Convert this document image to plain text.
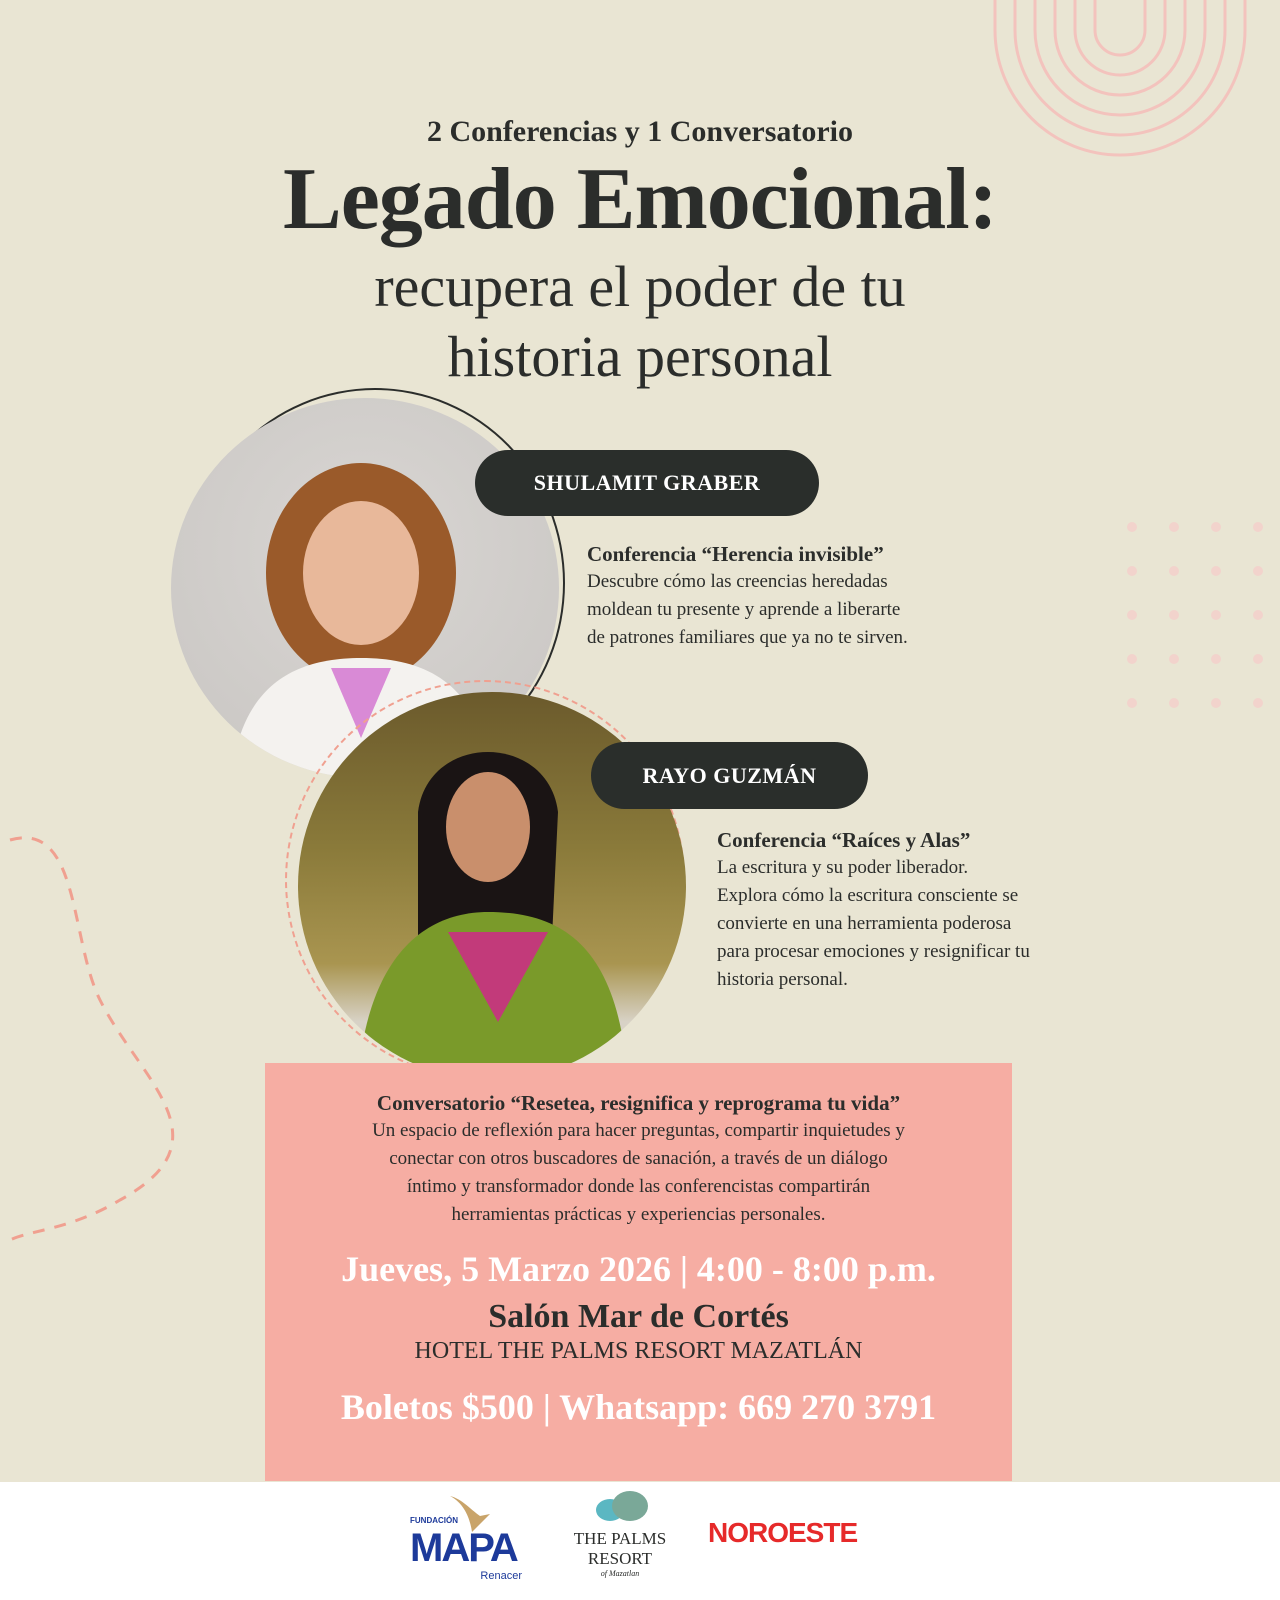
2 Conferencias y 1 Conversatorio
Legado Emocional:
recupera el poder de tu
historia personal
SHULAMIT GRABER
Conferencia “Herencia invisible”
Descubre cómo las creencias heredadas
moldean tu presente y aprende a liberarte
de patrones familiares que ya no te sirven.
RAYO GUZMÁN
Conferencia “Raíces y Alas”
La escritura y su poder liberador.
Explora cómo la escritura consciente se
convierte en una herramienta poderosa
para procesar emociones y resignificar tu
historia personal.
Conversatorio “Resetea, resignifica y reprograma tu vida”
Un espacio de reflexión para hacer preguntas, compartir inquietudes y
conectar con otros buscadores de sanación, a través de un diálogo
íntimo y transformador donde las conferencistas compartirán
herramientas prácticas y experiencias personales.
Jueves, 5 Marzo 2026 | 4:00 - 8:00 p.m.
Salón Mar de Cortés
HOTEL THE PALMS RESORT MAZATLÁN
Boletos $500 | Whatsapp: 669 270 3791
FUNDACIÓN
MAPA
Renacer
THE PALMS
RESORT
of Mazatlan
NOROESTE
